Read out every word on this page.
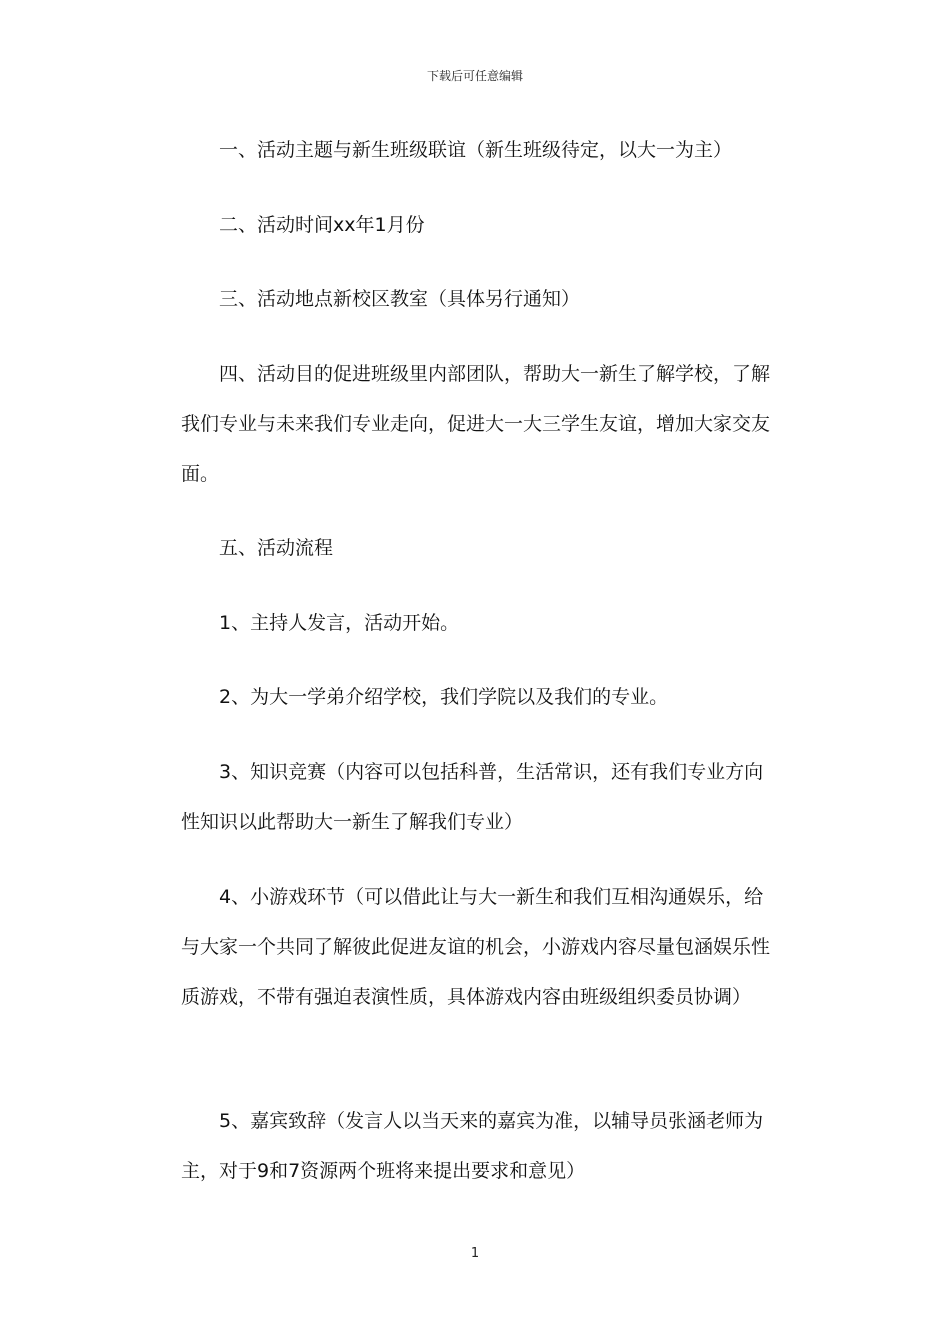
下载后可任意编辑

一、活动主题与新生班级联谊（新生班级待定，以大一为主）

二、活动时间xx年1月份

三、活动地点新校区教室（具体另行通知）

四、活动目的促进班级里内部团队，帮助大一新生了解学校，了解我们专业与未来我们专业走向，促进大一大三学生友谊，增加大家交友面。

五、活动流程

1、主持人发言，活动开始。

2、为大一学弟介绍学校，我们学院以及我们的专业。

3、知识竞赛（内容可以包括科普，生活常识，还有我们专业方向性知识以此帮助大一新生了解我们专业）

4、小游戏环节（可以借此让与大一新生和我们互相沟通娱乐，给与大家一个共同了解彼此促进友谊的机会，小游戏内容尽量包涵娱乐性质游戏，不带有强迫表演性质，具体游戏内容由班级组织委员协调）

5、嘉宾致辞（发言人以当天来的嘉宾为准，以辅导员张涵老师为主，对于9和7资源两个班将来提出要求和意见）

1
